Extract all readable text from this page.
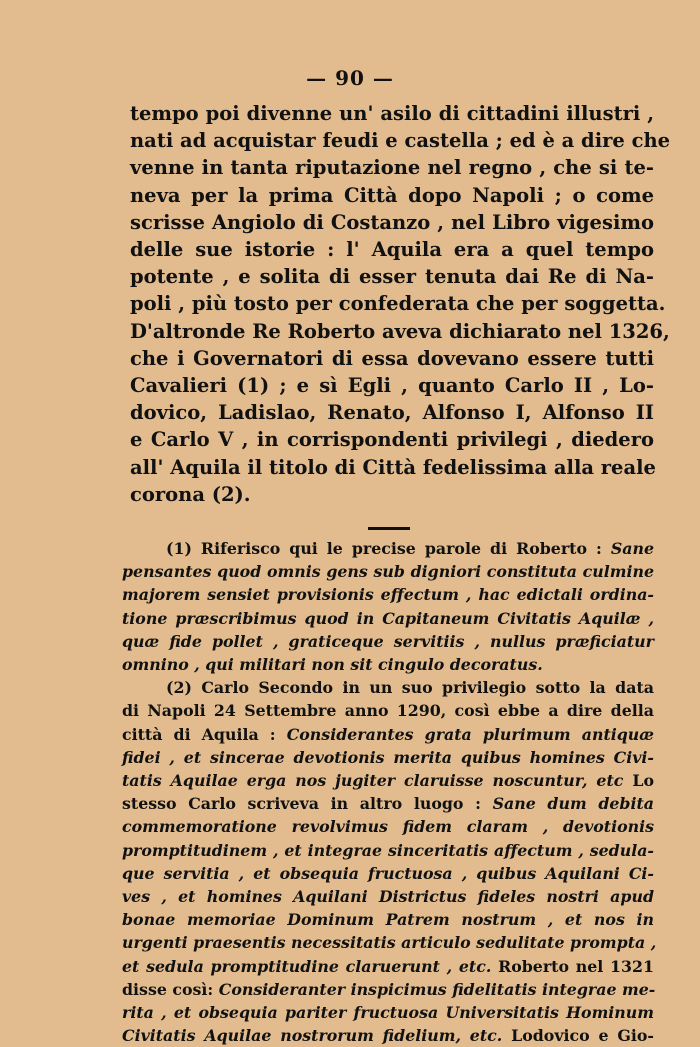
— 90 —
tempo poi divenne un' asilo di cittadini illustri ,
nati ad acquistar feudi e castella ; ed è a dire che
venne in tanta riputazione nel regno , che si te-
neva per la prima Città dopo Napoli ; o come
scrisse Angiolo di Costanzo , nel Libro vigesimo
delle sue istorie : l' Aquila era a quel tempo
potente , e solita di esser tenuta dai Re di Na-
poli , più tosto per confederata che per soggetta.
D'altronde Re Roberto aveva dichiarato nel 1326,
che i Governatori di essa dovevano essere tutti
Cavalieri (1) ; e sì Egli , quanto Carlo II , Lo-
dovico, Ladislao, Renato, Alfonso I, Alfonso II
e Carlo V , in corrispondenti privilegi , diedero
all' Aquila il titolo di Città fedelissima alla reale
corona (2).
(1) Riferisco qui le precise parole di Roberto : Sane
pensantes quod omnis gens sub digniori constituta culmine
majorem sensiet provisionis effectum , hac edictali ordina-
tione præscribimus quod in Capitaneum Civitatis Aquilæ ,
quæ fide pollet , graticeque servitiis , nullus præficiatur
omnino , qui militari non sit cingulo decoratus.
(2) Carlo Secondo in un suo privilegio sotto la data
di Napoli 24 Settembre anno 1290, così ebbe a dire della
città di Aquila : Considerantes grata plurimum antiquæ
fidei , et sincerae devotionis merita quibus homines Civi-
tatis Aquilae erga nos jugiter claruisse noscuntur, etc Lo
stesso Carlo scriveva in altro luogo : Sane dum debita
commemoratione revolvimus fidem claram , devotionis
promptitudinem , et integrae sinceritatis affectum , sedula-
que servitia , et obsequia fructuosa , quibus Aquilani Ci-
ves , et homines Aquilani Districtus fideles nostri apud
bonae memoriae Dominum Patrem nostrum , et nos in
urgenti praesentis necessitatis articulo sedulitate prompta ,
et sedula promptitudine claruerunt , etc. Roberto nel 1321
disse così: Consideranter inspicimus fidelitatis integrae me-
rita , et obsequia pariter fructuosa Universitatis Hominum
Civitatis Aquilae nostrorum fidelium, etc. Lodovico e Gio-
